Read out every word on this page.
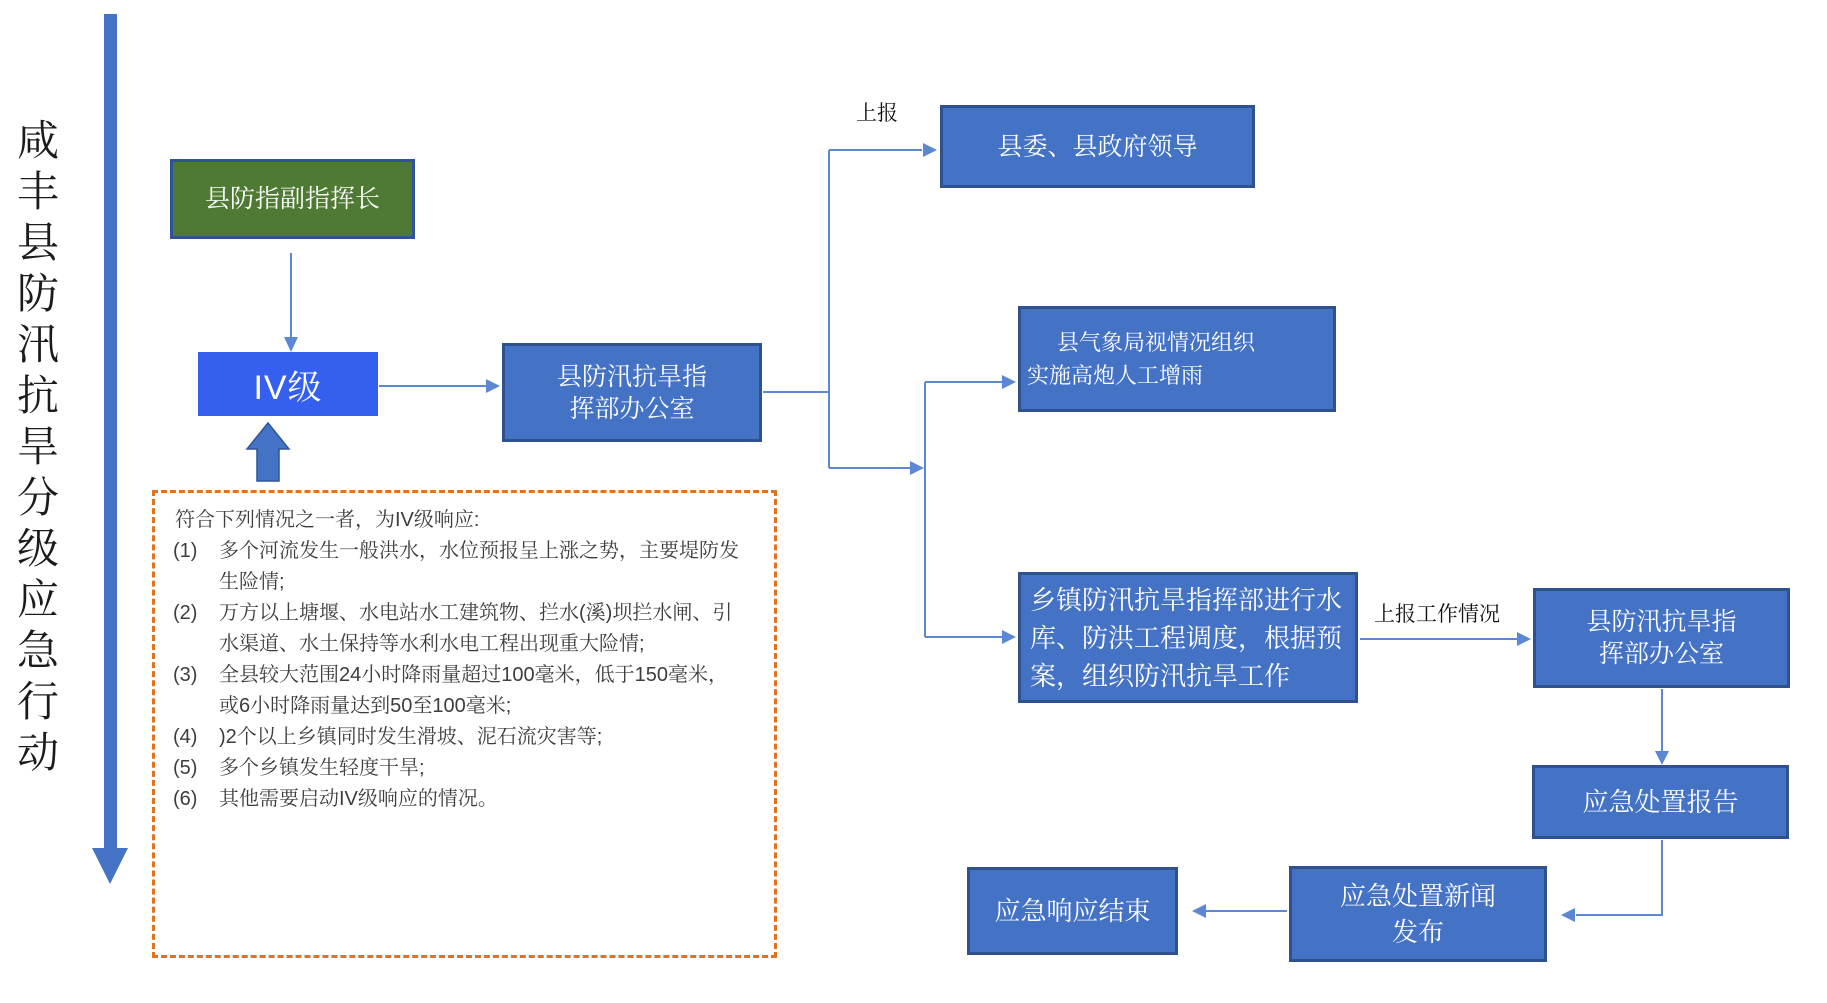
咸丰县防汛抗旱分级应急行动	县防指副指挥长
IV级	县防汛抗旱指
挥部办公室
县委、县政府领导
县气象局视情况组织
实施高炮人工增雨
乡镇防汛抗旱指挥部进行水
库、防洪工程调度，根据预
案，组织防汛抗旱工作
县防汛抗旱指
挥部办公室
应急处置报告
应急处置新闻
发布
应急响应结束
上报
上报工作情况

符合下列情况之一者，为IV级响应:

(1)	多个河流发生一般洪水，水位预报呈上涨之势，主要堤防发生险情;
(2)	万方以上塘堰、水电站水工建筑物、拦水(溪)坝拦水闸、引水渠道、水土保持等水利水电工程出现重大险情;
(3)	全县较大范围24小时降雨量超过100毫米，低于150毫米，或6小时降雨量达到50至100毫米;
(4)	)2个以上乡镇同时发生滑坡、泥石流灾害等;
(5)	多个乡镇发生轻度干旱;
(6)	其他需要启动IV级响应的情况。
